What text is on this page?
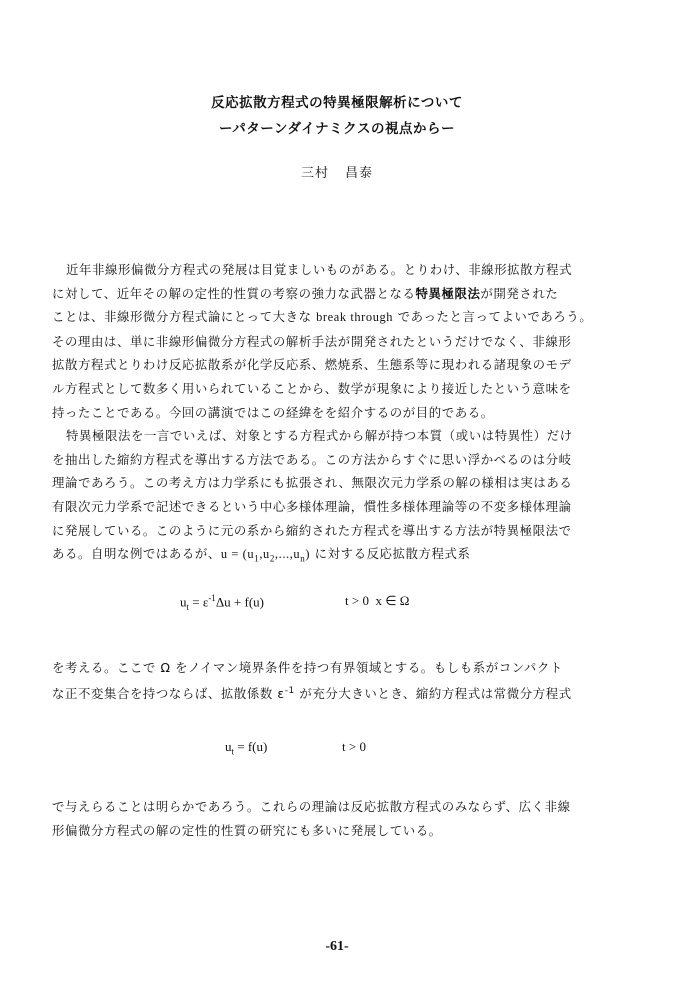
反応拡散方程式の特異極限解析について
ーパターンダイナミクスの視点からー
三村 昌泰
近年非線形偏微分方程式の発展は目覚ましいものがある。とりわけ、非線形拡散方程式
に対して、近年その解の定性的性質の考察の強力な武器となる特異極限法が開発された
ことは、非線形微分方程式論にとって大きな break through であったと言ってよいであろう。
その理由は、単に非線形偏微分方程式の解析手法が開発されたというだけでなく、非線形
拡散方程式とりわけ反応拡散系が化学反応系、燃焼系、生態系等に現われる諸現象のモデ
ル方程式として数多く用いられていることから、数学が現象により接近したという意味を
持ったことである。今回の講演ではこの経緯をを紹介するのが目的である。
特異極限法を一言でいえば、対象とする方程式から解が持つ本質（或いは特異性）だけ
を抽出した縮約方程式を導出する方法である。この方法からすぐに思い浮かべるのは分岐
理論であろう。この考え方は力学系にも拡張され、無限次元力学系の解の様相は実はある
有限次元力学系で記述できるという中心多様体理論，慣性多様体理論等の不変多様体理論
に発展している。このように元の系から縮約された方程式を導出する方法が特異極限法で
ある。自明な例ではあるが、$u = (u_1,u_2,...,u_n)$ に対する反応拡散方程式系
$u_t = \varepsilon^{-1}\Delta u + f(u)$	t > 0  x ∈ Ω
を考える。ここで Ω をノイマン境界条件を持つ有界領域とする。もしも系がコンパクト
な正不変集合を持つならば、拡散係数 $\varepsilon^{-1}$ が充分大きいとき、縮約方程式は常微分方程式
$u_t = f(u)$	t > 0
で与えらることは明らかであろう。これらの理論は反応拡散方程式のみならず、広く非線
形偏微分方程式の解の定性的性質の研究にも多いに発展している。
-61-
